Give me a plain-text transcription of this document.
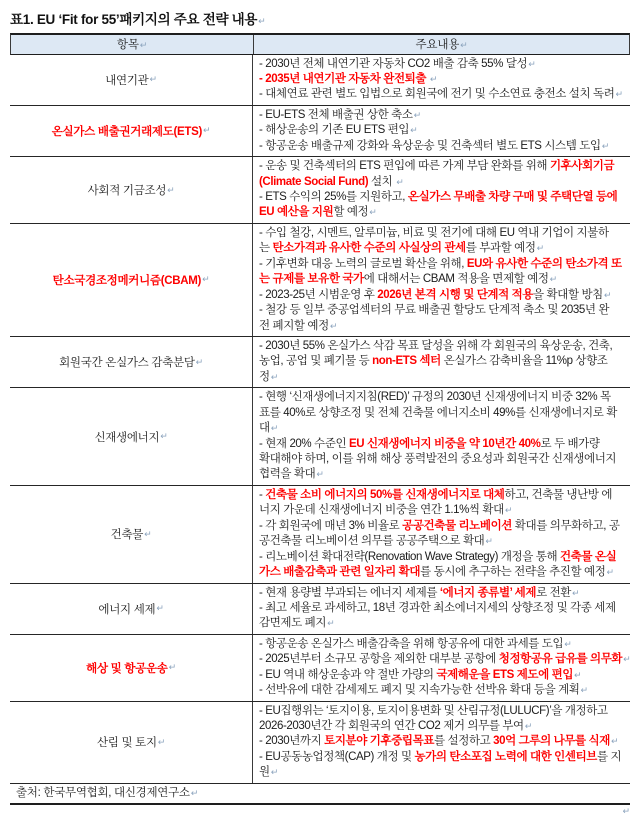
표1. EU ‘Fit for 55’패키지의 주요 전략 내용↵
항목↵	주요내용↵
내연기관 ↵
- 2030년 전체 내연기관 자동차 CO2 배출 감축 55% 달성↵
- 2035년 내연기관 자동차 완전퇴출 ↵
- 대체연료 관련 별도 입법으로 회원국에 전기 및 수소연료 충전소 설치 독려↵
온실가스 배출권거래제도(ETS) ↵
- EU-ETS 전체 배출권 상한 축소↵
- 해상운송의 기존 EU ETS 편입↵
- 항공운송 배출규제 강화와 육상운송 및 건축섹터 별도 ETS 시스템 도입↵
사회적 기금조성 ↵
- 운송 및 건축섹터의 ETS 편입에 따른 가계 부담 완화를 위해 기후사회기금
(Climate Social Fund) 설치 ↵
- ETS 수익의 25%를 지원하고, 온실가스 무배출 차량 구매 및 주택단열 등에
EU 예산을 지원할 예정↵
탄소국경조정메커니즘(CBAM) ↵
- 수입 철강, 시멘트, 알루미늄, 비료 및 전기에 대해 EU 역내 기업이 지불하
는 탄소가격과 유사한 수준의 사실상의 관세를 부과할 예정↵
- 기후변화 대응 노력의 글로벌 확산을 위해, EU와 유사한 수준의 탄소가격 또
는 규제를 보유한 국가에 대해서는 CBAM 적용을 면제할 예정↵
- 2023-25년 시범운영 후 2026년 본격 시행 및 단계적 적용을 확대할 방침↵
- 철강 등 일부 중공업섹터의 무료 배출권 할당도 단계적 축소 및 2035년 완
전 폐지할 예정↵
회원국간 온실가스 감축분담 ↵
- 2030년 55% 온실가스 삭감 목표 달성을 위해 각 회원국의 육상운송, 건축,
농업, 공업 및 폐기물 등 non-ETS 섹터 온실가스 감축비율을 11%p 상향조
정↵
신재생에너지 ↵
- 현행 ‘신재생에너지지침(RED)’ 규정의 2030년 신재생에너지 비중 32% 목
표를 40%로 상향조정 및 전체 건축물 에너지소비 49%를 신재생에너지로 확
대↵
- 현재 20% 수준인 EU 신재생에너지 비중을 약 10년간 40%로 두 배가량
확대해야 하며, 이를 위해 해상 풍력발전의 중요성과 회원국간 신재생에너지
협력을 확대↵
건축물 ↵
- 건축물 소비 에너지의 50%를 신재생에너지로 대체하고, 건축물 냉난방 에
너지 가운데 신재생에너지 비중을 연간 1.1%씩 확대↵
- 각 회원국에 매년 3% 비율로 공공건축물 리노베이션 확대를 의무화하고, 공
공건축물 리노베이션 의무를 공공주택으로 확대↵
- 리노베이션 확대전략(Renovation Wave Strategy) 개정을 통해 건축물 온실
가스 배출감축과 관련 일자리 확대를 동시에 추구하는 전략을 추진할 예정↵
에너지 세제 ↵
- 현재 용량별 부과되는 에너지 세제를 ‘에너지 종류별’ 세제로 전환↵
- 최고 세율로 과세하고, 18년 경과한 최소에너지세의 상향조정 및 각종 세제
감면제도 폐지↵
해상 및 항공운송 ↵
- 항공운송 온실가스 배출감축을 위해 항공유에 대한 과세를 도입↵
- 2025년부터 소규모 공항을 제외한 대부분 공항에 청정항공유 급유를 의무화↵
- EU 역내 해상운송과 약 절반 가량의 국제해운을 ETS 제도에 편입↵
- 선박유에 대한 감세제도 폐지 및 지속가능한 선박유 확대 등을 계획↵
산림 및 토지 ↵
- EU집행위는 ‘토지이용, 토지이용변화 및 산림규정(LULUCF)’을 개정하고
2026-2030년간 각 회원국의 연간 CO2 제거 의무를 부여↵
- 2030년까지 토지분야 기후중립목표를 설정하고 30억 그루의 나무를 식재↵
- EU공동농업정책(CAP) 개정 및 농가의 탄소포집 노력에 대한 인센티브를 지
원↵
출처: 한국무역협회, 대신경제연구소↵
↵
